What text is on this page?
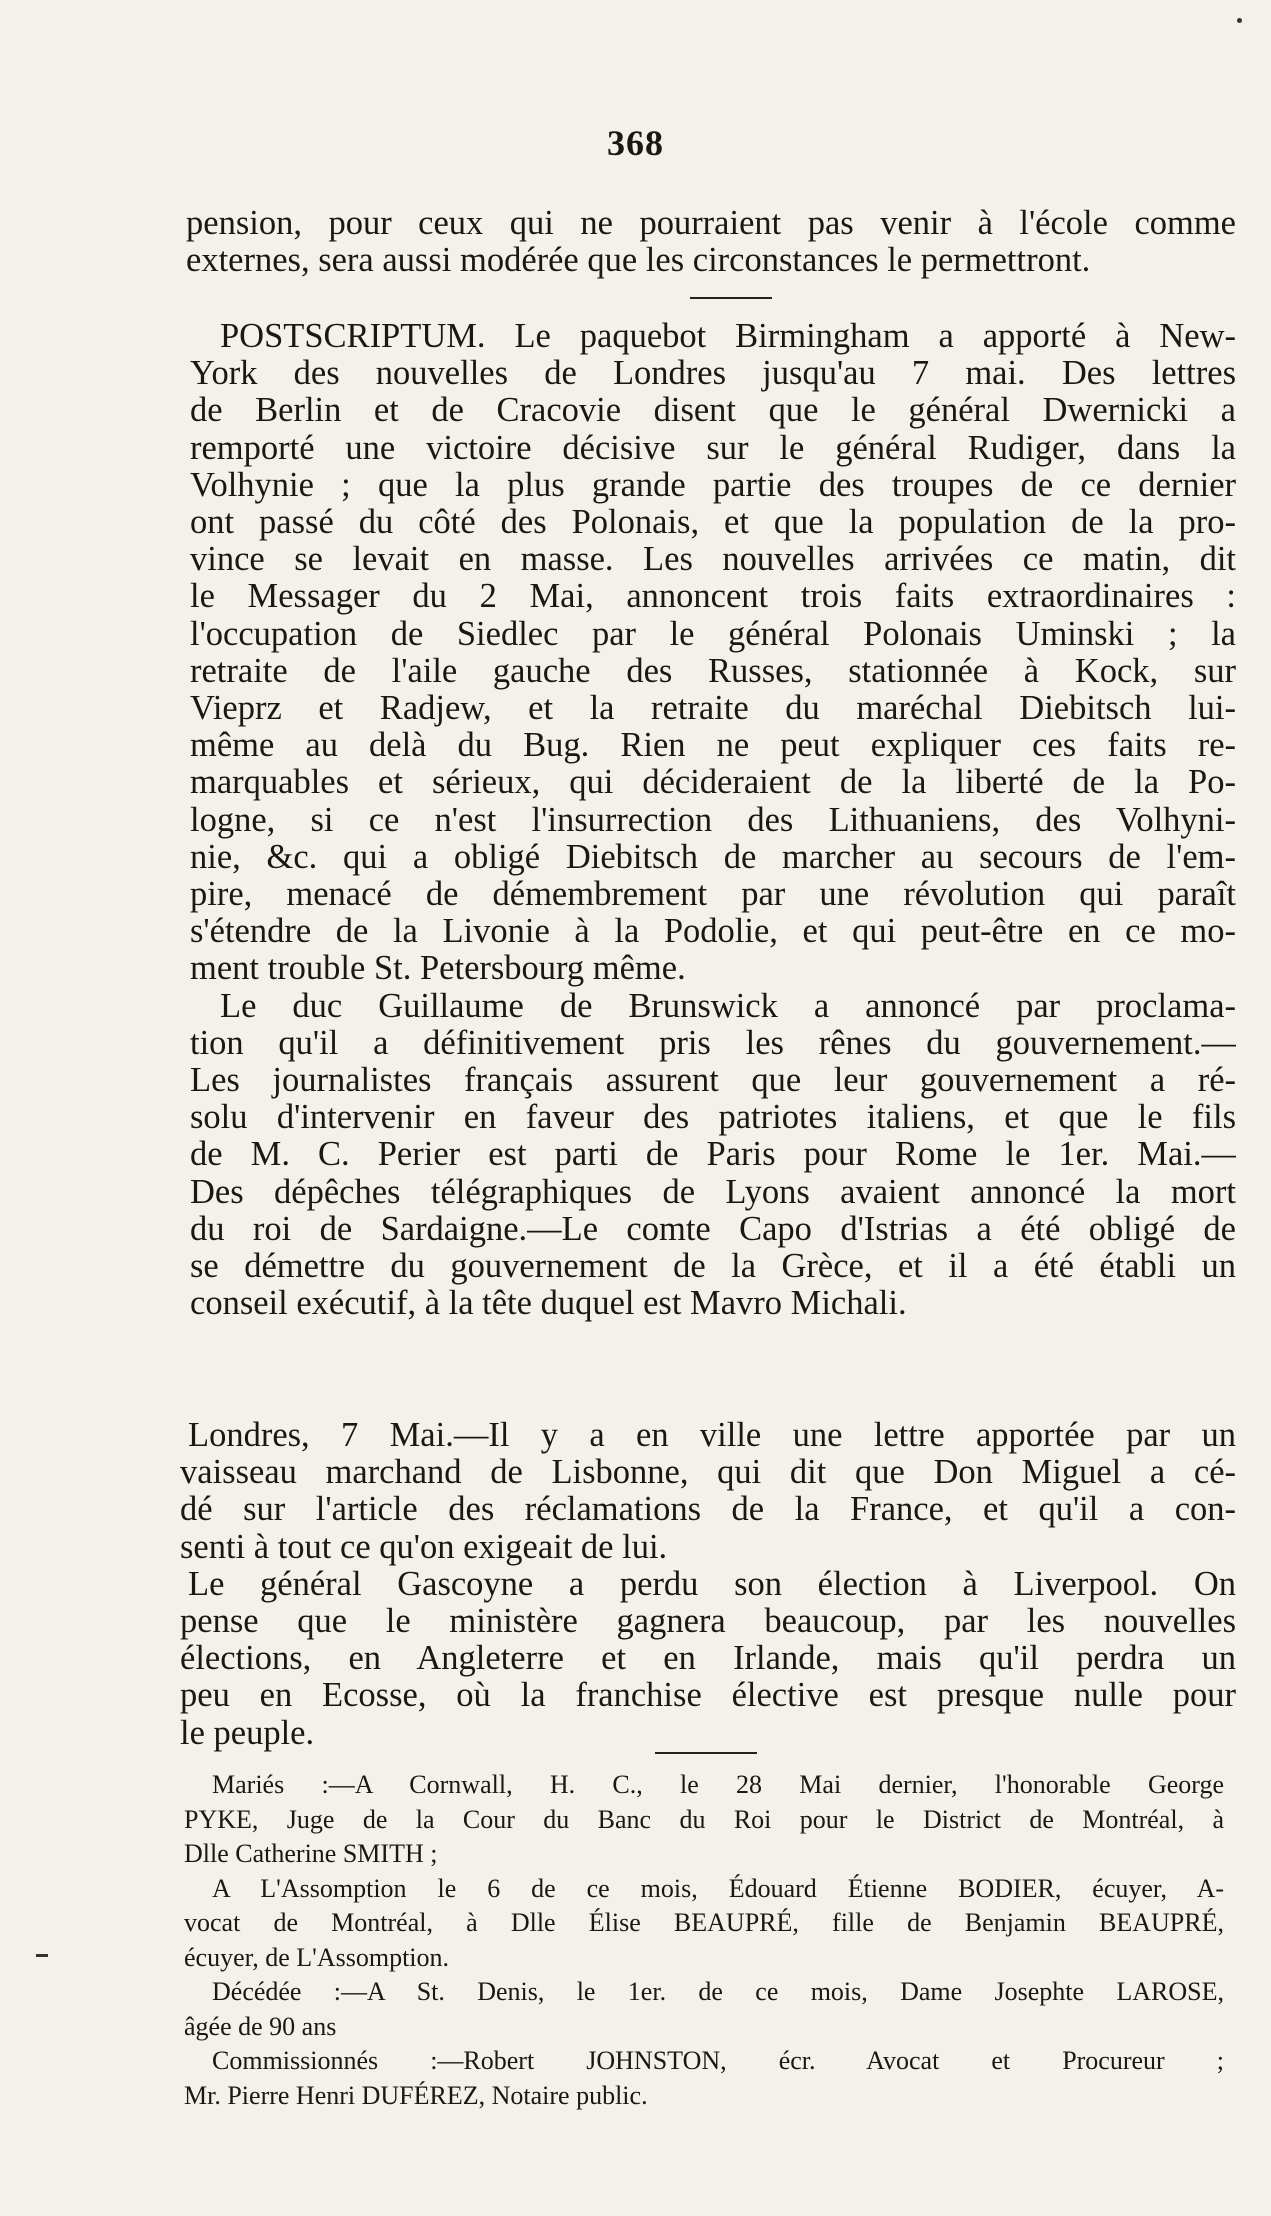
368
pension, pour ceux qui ne pourraient pas venir à l'école comme
externes, sera aussi modérée que les circonstances le permettront.
POSTSCRIPTUM. Le paquebot Birmingham a apporté à New-
York des nouvelles de Londres jusqu'au 7 mai. Des lettres
de Berlin et de Cracovie disent que le général Dwernicki a
remporté une victoire décisive sur le général Rudiger, dans la
Volhynie ; que la plus grande partie des troupes de ce dernier
ont passé du côté des Polonais, et que la population de la pro-
vince se levait en masse. Les nouvelles arrivées ce matin, dit
le Messager du 2 Mai, annoncent trois faits extraordinaires :
l'occupation de Siedlec par le général Polonais Uminski ; la
retraite de l'aile gauche des Russes, stationnée à Kock, sur
Vieprz et Radjew, et la retraite du maréchal Diebitsch lui-
même au delà du Bug. Rien ne peut expliquer ces faits re-
marquables et sérieux, qui décideraient de la liberté de la Po-
logne, si ce n'est l'insurrection des Lithuaniens, des Volhyni-
nie, &c. qui a obligé Diebitsch de marcher au secours de l'em-
pire, menacé de démembrement par une révolution qui paraît
s'étendre de la Livonie à la Podolie, et qui peut-être en ce mo-
ment trouble St. Petersbourg même.
Le duc Guillaume de Brunswick a annoncé par proclama-
tion qu'il a définitivement pris les rênes du gouvernement.—
Les journalistes français assurent que leur gouvernement a ré-
solu d'intervenir en faveur des patriotes italiens, et que le fils
de M. C. Perier est parti de Paris pour Rome le 1er. Mai.—
Des dépêches télégraphiques de Lyons avaient annoncé la mort
du roi de Sardaigne.—Le comte Capo d'Istrias a été obligé de
se démettre du gouvernement de la Grèce, et il a été établi un
conseil exécutif, à la tête duquel est Mavro Michali.
Londres, 7 Mai.—Il y a en ville une lettre apportée par un
vaisseau marchand de Lisbonne, qui dit que Don Miguel a cé-
dé sur l'article des réclamations de la France, et qu'il a con-
senti à tout ce qu'on exigeait de lui.
Le général Gascoyne a perdu son élection à Liverpool. On
pense que le ministère gagnera beaucoup, par les nouvelles
élections, en Angleterre et en Irlande, mais qu'il perdra un
peu en Ecosse, où la franchise élective est presque nulle pour
le peuple.
Mariés :—A Cornwall, H. C., le 28 Mai dernier, l'honorable George
PYKE, Juge de la Cour du Banc du Roi pour le District de Montréal, à
Dlle Catherine SMITH ;
A L'Assomption le 6 de ce mois, Édouard Étienne BODIER, écuyer, A-
vocat de Montréal, à Dlle Élise BEAUPRÉ, fille de Benjamin BEAUPRÉ,
écuyer, de L'Assomption.
Décédée :—A St. Denis, le 1er. de ce mois, Dame Josephte LAROSE,
âgée de 90 ans
Commissionnés :—Robert JOHNSTON, écr. Avocat et Procureur ;
Mr. Pierre Henri DUFÉREZ, Notaire public.
